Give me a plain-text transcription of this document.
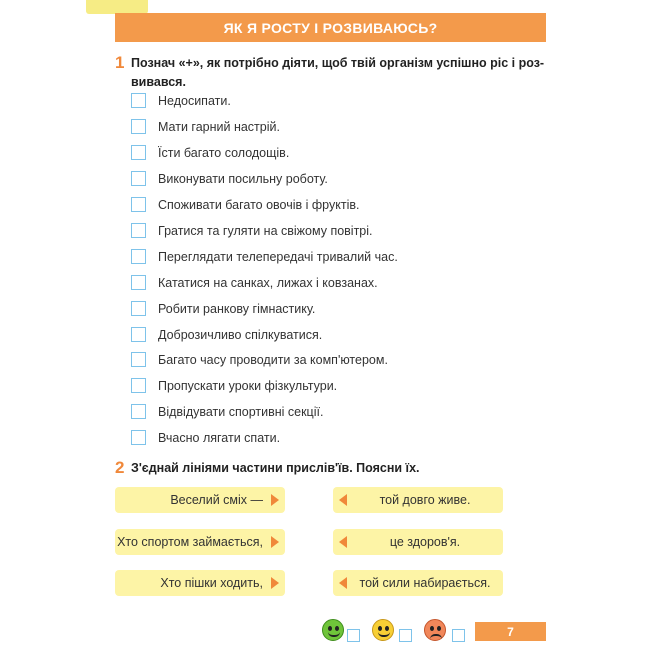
ЯК Я РОСТУ І РОЗВИВАЮСЬ?
1 Познач «+», як потрібно діяти, щоб твій організм успішно ріс і роз-
вивався.
Недосипати.
Мати гарний настрій.
Їсти багато солодощів.
Виконувати посильну роботу.
Споживати багато овочів і фруктів.
Гратися та гуляти на свіжому повітрі.
Переглядати телепередачі тривалий час.
Кататися на санках, лижах і ковзанах.
Робити ранкову гімнастику.
Доброзичливо спілкуватися.
Багато часу проводити за комп'ютером.
Пропускати уроки фізкультури.
Відвідувати спортивні секції.
Вчасно лягати спати.
2 З'єднай лініями частини прислів'їв. Поясни їх.
Веселий сміх —	той довго живе.
Хто спортом займається,	це здоров'я.
Хто пішки ходить,	той сили набирається.
7
